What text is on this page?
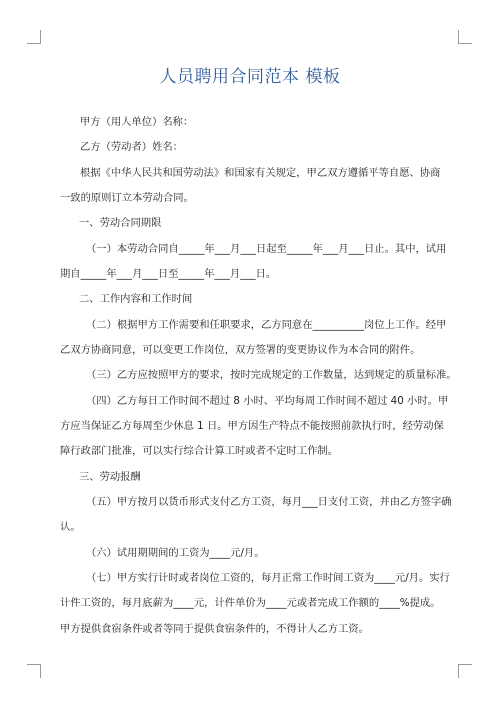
人员聘用合同范本 模板
甲方（用人单位）名称：
乙方（劳动者）姓名：
根据《中华人民共和国劳动法》和国家有关规定，甲乙双方遵循平等自愿、协商
一致的原则订立本劳动合同。
一、劳动合同期限
（一）本劳动合同自_____年___月___日起至_____年___月___日止。其中，试用
期自_____年___月___日至_____年___月___日。
二、工作内容和工作时间
（二）根据甲方工作需要和任职要求，乙方同意在__________岗位上工作。经甲
乙双方协商同意，可以变更工作岗位，双方签署的变更协议作为本合同的附件。
（三）乙方应按照甲方的要求，按时完成规定的工作数量，达到规定的质量标准。
（四）乙方每日工作时间不超过 8 小时、平均每周工作时间不超过 40 小时。甲
方应当保证乙方每周至少休息 1 日。甲方因生产特点不能按照前款执行时，经劳动保
障行政部门批准，可以实行综合计算工时或者不定时工作制。
三、劳动报酬
（五）甲方按月以货币形式支付乙方工资，每月___日支付工资，并由乙方签字确
认。
（六）试用期期间的工资为____元/月。
（七）甲方实行计时或者岗位工资的，每月正常工作时间工资为____元/月。实行
计件工资的，每月底薪为____元，计件单价为____元或者完成工作额的____%提成。
甲方提供食宿条件或者等同于提供食宿条件的，不得计人乙方工资。
